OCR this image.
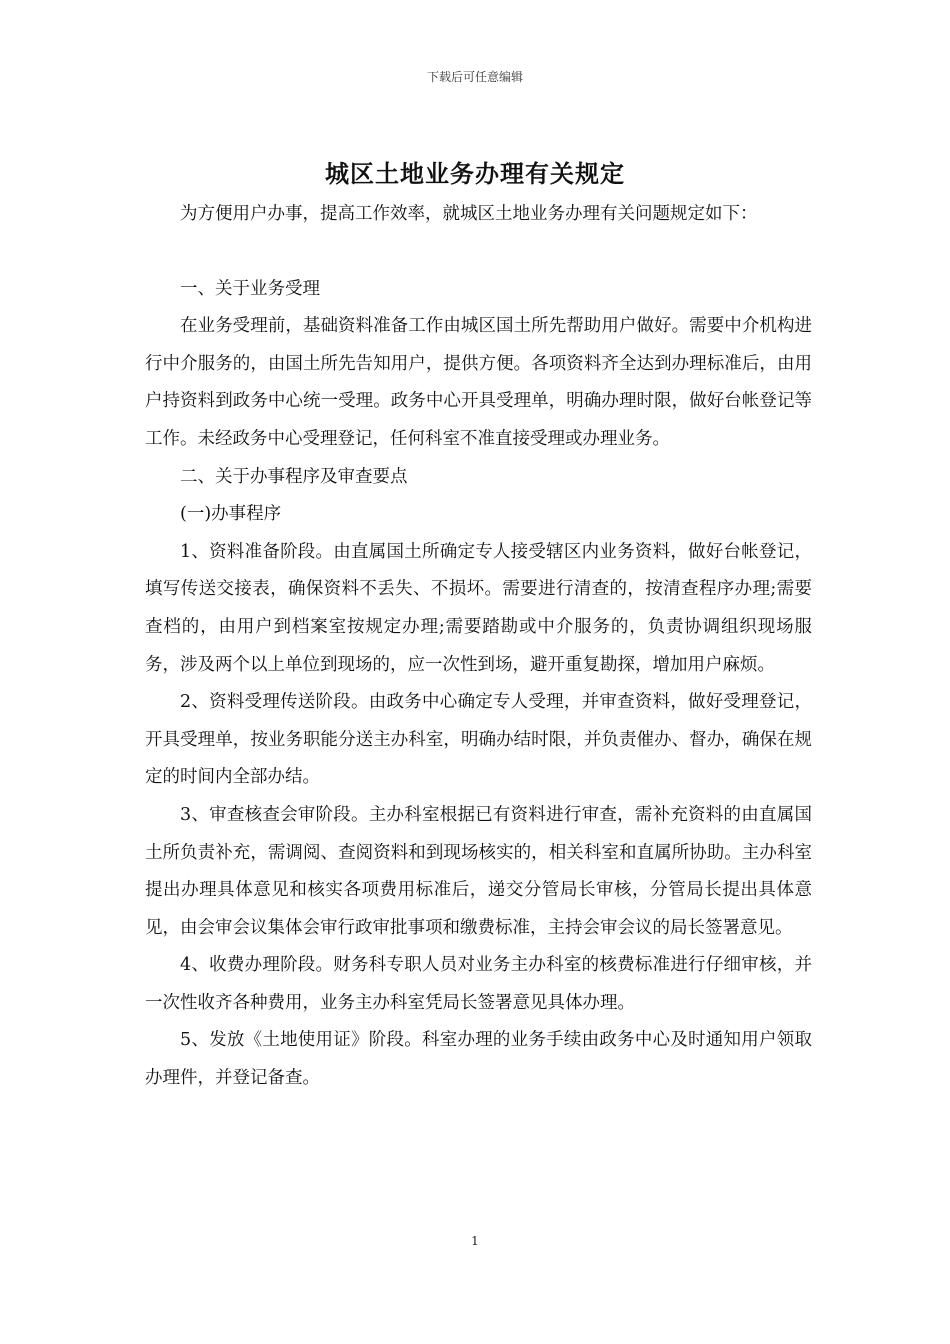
下载后可任意编辑
城区土地业务办理有关规定

为方便用户办事，提高工作效率，就城区土地业务办理有关问题规定如下：

一、关于业务受理

在业务受理前，基础资料准备工作由城区国土所先帮助用户做好。需要中介机构进行中介服务的，由国土所先告知用户，提供方便。各项资料齐全达到办理标准后，由用户持资料到政务中心统一受理。政务中心开具受理单，明确办理时限，做好台帐登记等工作。未经政务中心受理登记，任何科室不准直接受理或办理业务。

二、关于办事程序及审查要点

(一)办事程序

1、资料准备阶段。由直属国土所确定专人接受辖区内业务资料，做好台帐登记，填写传送交接表，确保资料不丢失、不损坏。需要进行清查的，按清查程序办理;需要查档的，由用户到档案室按规定办理;需要踏勘或中介服务的，负责协调组织现场服务，涉及两个以上单位到现场的，应一次性到场，避开重复勘探，增加用户麻烦。

2、资料受理传送阶段。由政务中心确定专人受理，并审查资料，做好受理登记，开具受理单，按业务职能分送主办科室，明确办结时限，并负责催办、督办，确保在规定的时间内全部办结。

3、审查核查会审阶段。主办科室根据已有资料进行审查，需补充资料的由直属国土所负责补充，需调阅、查阅资料和到现场核实的，相关科室和直属所协助。主办科室提出办理具体意见和核实各项费用标准后，递交分管局长审核，分管局长提出具体意见，由会审会议集体会审行政审批事项和缴费标准，主持会审会议的局长签署意见。

4、收费办理阶段。财务科专职人员对业务主办科室的核费标准进行仔细审核，并一次性收齐各种费用，业务主办科室凭局长签署意见具体办理。

5、发放《土地使用证》阶段。科室办理的业务手续由政务中心及时通知用户领取办理件，并登记备查。

1
